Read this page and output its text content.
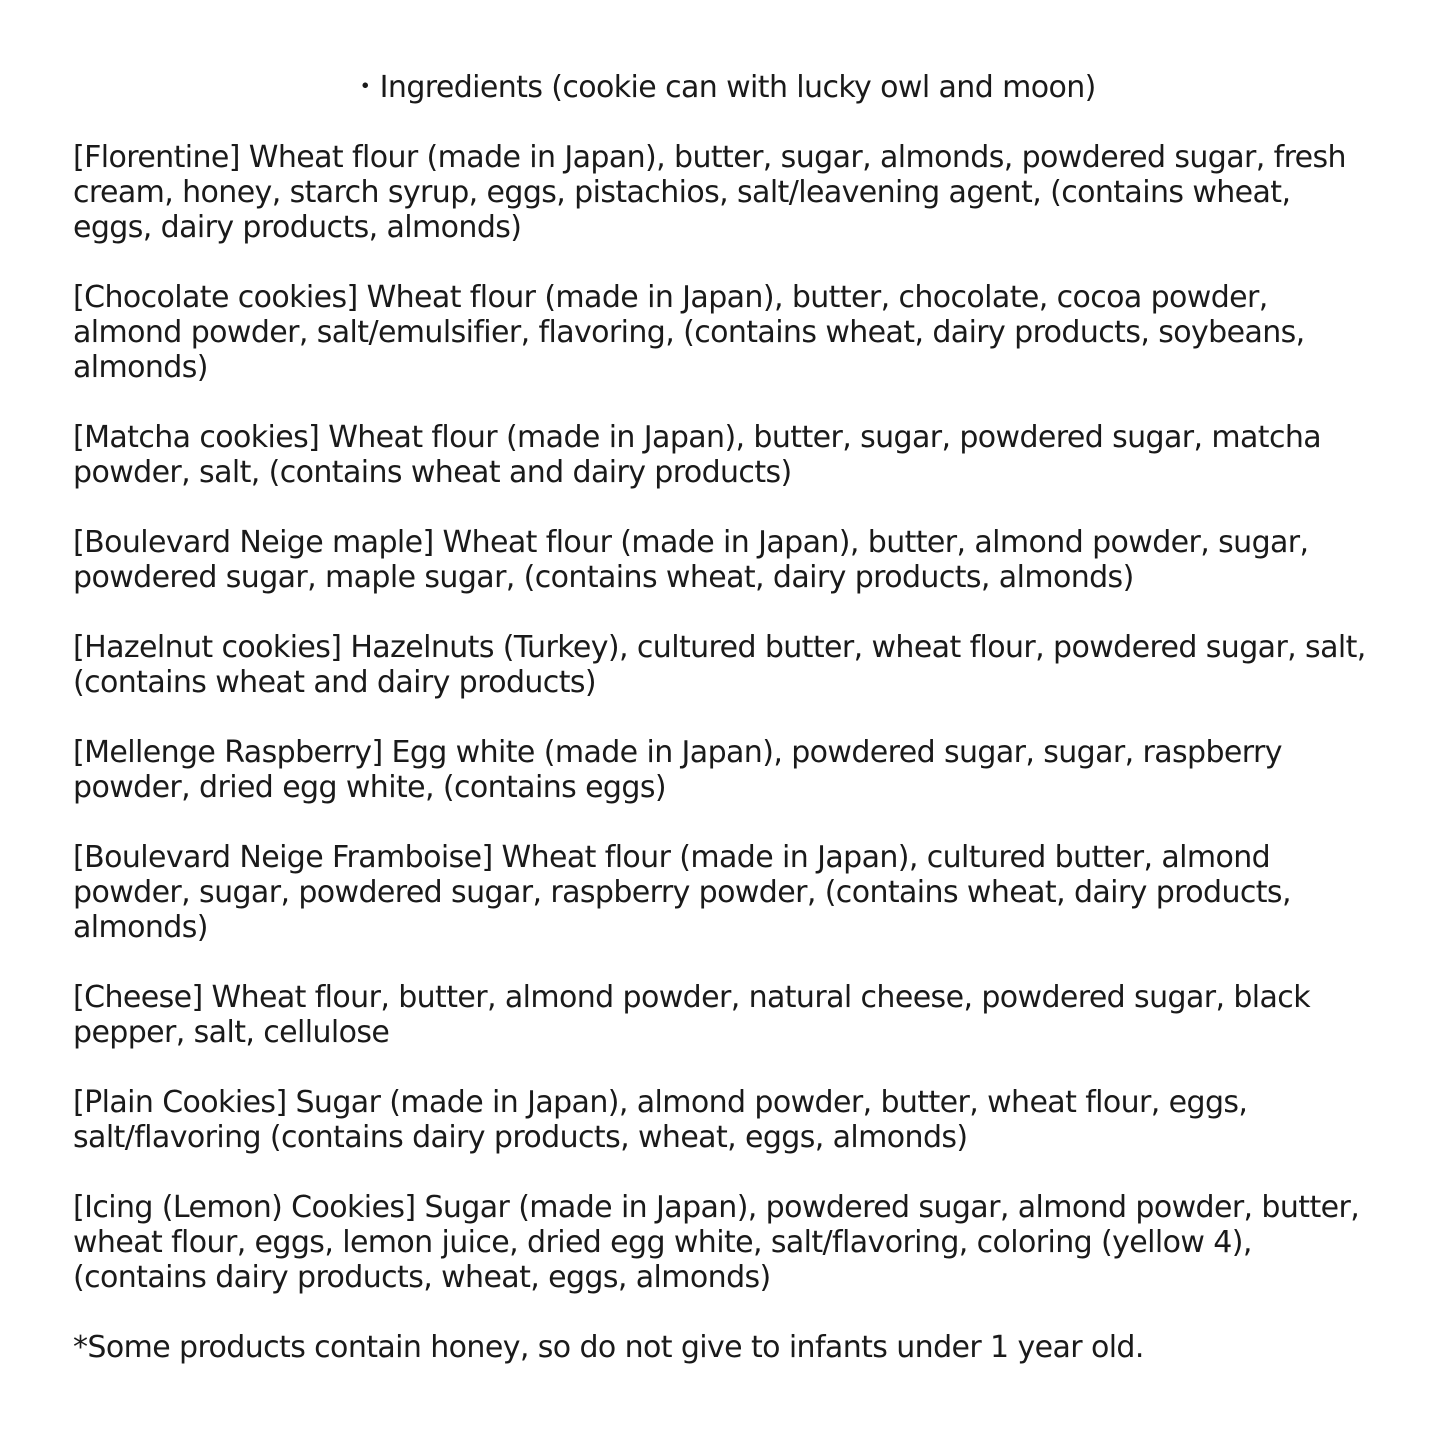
・Ingredients (cookie can with lucky owl and moon)

[Florentine] Wheat flour (made in Japan), butter, sugar, almonds, powdered sugar, fresh cream, honey, starch syrup, eggs, pistachios, salt/leavening agent, (contains wheat, eggs, dairy products, almonds)

[Chocolate cookies] Wheat flour (made in Japan), butter, chocolate, cocoa powder, almond powder, salt/emulsifier, flavoring, (contains wheat, dairy products, soybeans, almonds)

[Matcha cookies] Wheat flour (made in Japan), butter, sugar, powdered sugar, matcha powder, salt, (contains wheat and dairy products)

[Boulevard Neige maple] Wheat flour (made in Japan), butter, almond powder, sugar, powdered sugar, maple sugar, (contains wheat, dairy products, almonds)

[Hazelnut cookies] Hazelnuts (Turkey), cultured butter, wheat flour, powdered sugar, salt, (contains wheat and dairy products)

[Mellenge Raspberry] Egg white (made in Japan), powdered sugar, sugar, raspberry powder, dried egg white, (contains eggs)

[Boulevard Neige Framboise] Wheat flour (made in Japan), cultured butter, almond powder, sugar, powdered sugar, raspberry powder, (contains wheat, dairy products, almonds)

[Cheese] Wheat flour, butter, almond powder, natural cheese, powdered sugar, black pepper, salt, cellulose

[Plain Cookies] Sugar (made in Japan), almond powder, butter, wheat flour, eggs, salt/flavoring (contains dairy products, wheat, eggs, almonds)

[Icing (Lemon) Cookies] Sugar (made in Japan), powdered sugar, almond powder, butter, wheat flour, eggs, lemon juice, dried egg white, salt/flavoring, coloring (yellow 4), (contains dairy products, wheat, eggs, almonds)

*Some products contain honey, so do not give to infants under 1 year old.
